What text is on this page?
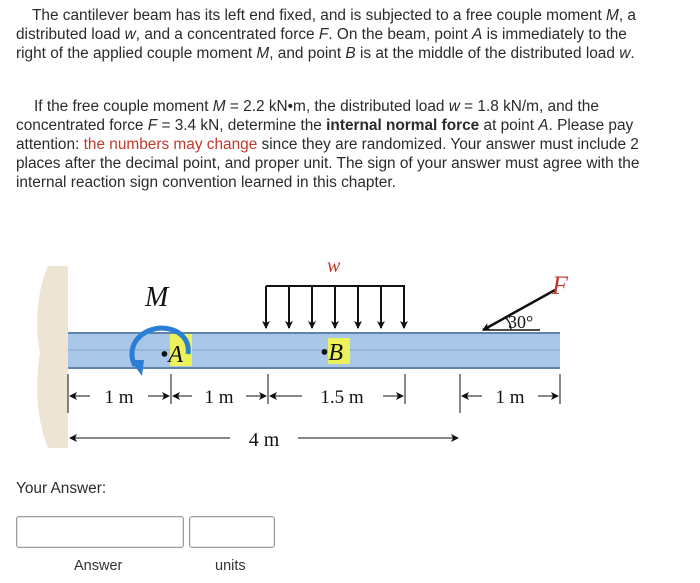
The cantilever beam has its left end fixed, and is subjected to a free couple moment M, a distributed load w, and a concentrated force F. On the beam, point A is immediately to the right of the applied couple moment M, and point B is at the middle of the distributed load w.

If the free couple moment M = 2.2 kN•m, the distributed load w = 1.8 kN/m, and the concentrated force F = 3.4 kN, determine the internal normal force at point A. Please pay attention: the numbers may change since they are randomized. Your answer must include 2 places after the decimal point, and proper unit. The sign of your answer must agree with the internal reaction sign convention learned in this chapter.

M
•A	•B
w
30°
F
1 m	1 m	1.5 m	1 m
4 m
Your Answer:
Answer	units
